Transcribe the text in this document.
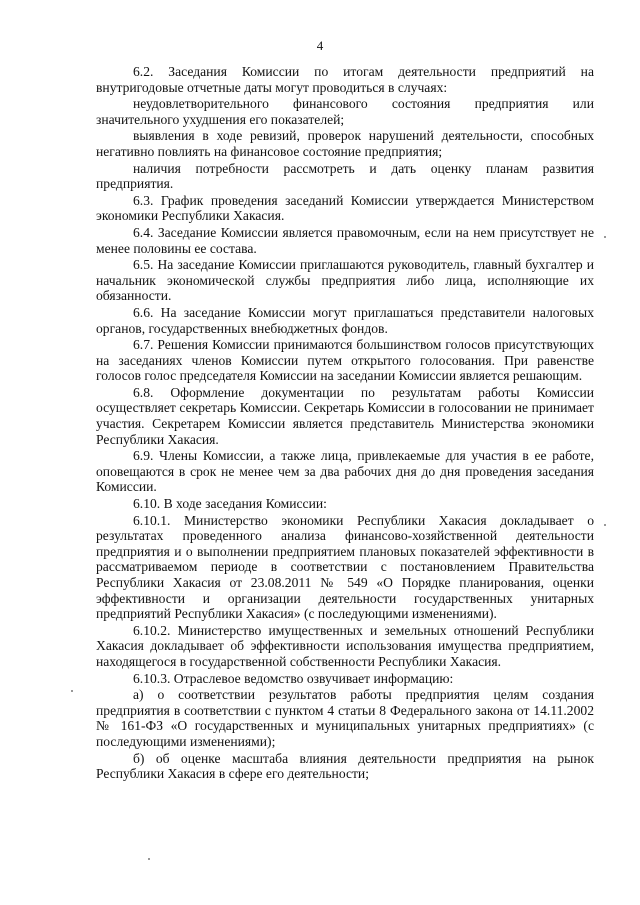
4

6.2. Заседания Комиссии по итогам деятельности предприятий на внутригодовые отчетные даты могут проводиться в случаях:

неудовлетворительного финансового состояния предприятия или значительного ухудшения его показателей;

выявления в ходе ревизий, проверок нарушений деятельности, способных негативно повлиять на финансовое состояние предприятия;

наличия потребности рассмотреть и дать оценку планам развития предприятия.

6.3. График проведения заседаний Комиссии утверждается Министерством экономики Республики Хакасия.

6.4. Заседание Комиссии является правомочным, если на нем присутствует не менее половины ее состава.

6.5. На заседание Комиссии приглашаются руководитель, главный бухгалтер и начальник экономической службы предприятия либо лица, исполняющие их обязанности.

6.6. На заседание Комиссии могут приглашаться представители налоговых органов, государственных внебюджетных фондов.

6.7. Решения Комиссии принимаются большинством голосов присутствующих на заседаниях членов Комиссии путем открытого голосования. При равенстве голосов голос председателя Комиссии на заседании Комиссии является решающим.

6.8. Оформление документации по результатам работы Комиссии осуществляет секретарь Комиссии. Секретарь Комиссии в голосовании не принимает участия. Секретарем Комиссии является представитель Министерства экономики Республики Хакасия.

6.9. Члены Комиссии, а также лица, привлекаемые для участия в ее работе, оповещаются в срок не менее чем за два рабочих дня до дня проведения заседания Комиссии.

6.10. В ходе заседания Комиссии:

6.10.1. Министерство экономики Республики Хакасия докладывает о результатах проведенного анализа финансово-хозяйственной деятельности предприятия и о выполнении предприятием плановых показателей эффективности в рассматриваемом периоде в соответствии с постановлением Правительства Республики Хакасия от 23.08.2011 № 549 «О Порядке планирования, оценки эффективности и организации деятельности государственных унитарных предприятий Республики Хакасия» (с последующими изменениями).

6.10.2. Министерство имущественных и земельных отношений Республики Хакасия докладывает об эффективности использования имущества предприятием, находящегося в государственной собственности Республики Хакасия.

6.10.3. Отраслевое ведомство озвучивает информацию:

а) о соответствии результатов работы предприятия целям создания предприятия в соответствии с пунктом 4 статьи 8 Федерального закона от 14.11.2002 № 161-ФЗ «О государственных и муниципальных унитарных предприятиях» (с последующими изменениями);

б) об оценке масштаба влияния деятельности предприятия на рынок Республики Хакасия в сфере его деятельности;
